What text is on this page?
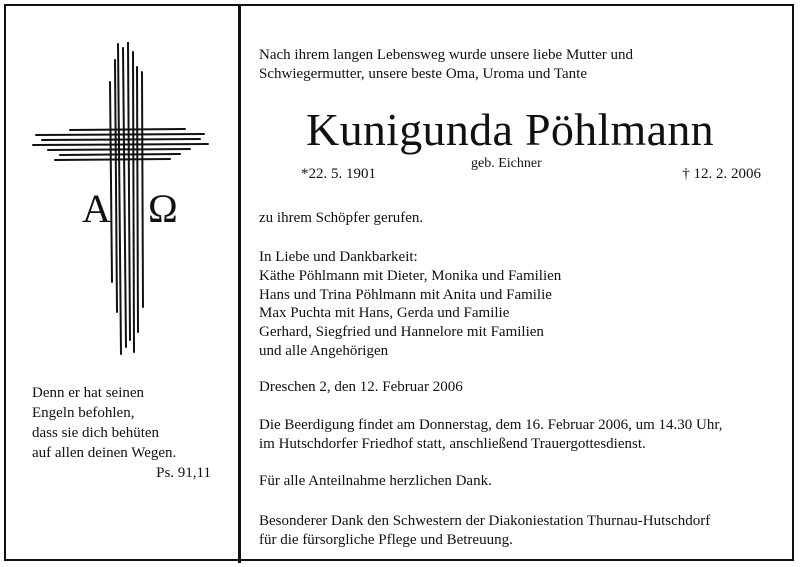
Α Ω
Denn er hat seinen
Engeln befohlen,
dass sie dich behüten
auf allen deinen Wegen.
Ps. 91,11
Nach ihrem langen Lebensweg wurde unsere liebe Mutter und
Schwiegermutter, unsere beste Oma, Uroma und Tante
Kunigunda Pöhlmann
*22. 5. 1901
geb. Eichner
† 12. 2. 2006
zu ihrem Schöpfer gerufen.
In Liebe und Dankbarkeit:
Käthe Pöhlmann mit Dieter, Monika und Familien
Hans und Trina Pöhlmann mit Anita und Familie
Max Puchta mit Hans, Gerda und Familie
Gerhard, Siegfried und Hannelore mit Familien
und alle Angehörigen
Dreschen 2, den 12. Februar 2006
Die Beerdigung findet am Donnerstag, dem 16. Februar 2006, um 14.30 Uhr,
im Hutschdorfer Friedhof statt, anschließend Trauergottesdienst.
Für alle Anteilnahme herzlichen Dank.
Besonderer Dank den Schwestern der Diakoniestation Thurnau-Hutschdorf
für die fürsorgliche Pflege und Betreuung.
